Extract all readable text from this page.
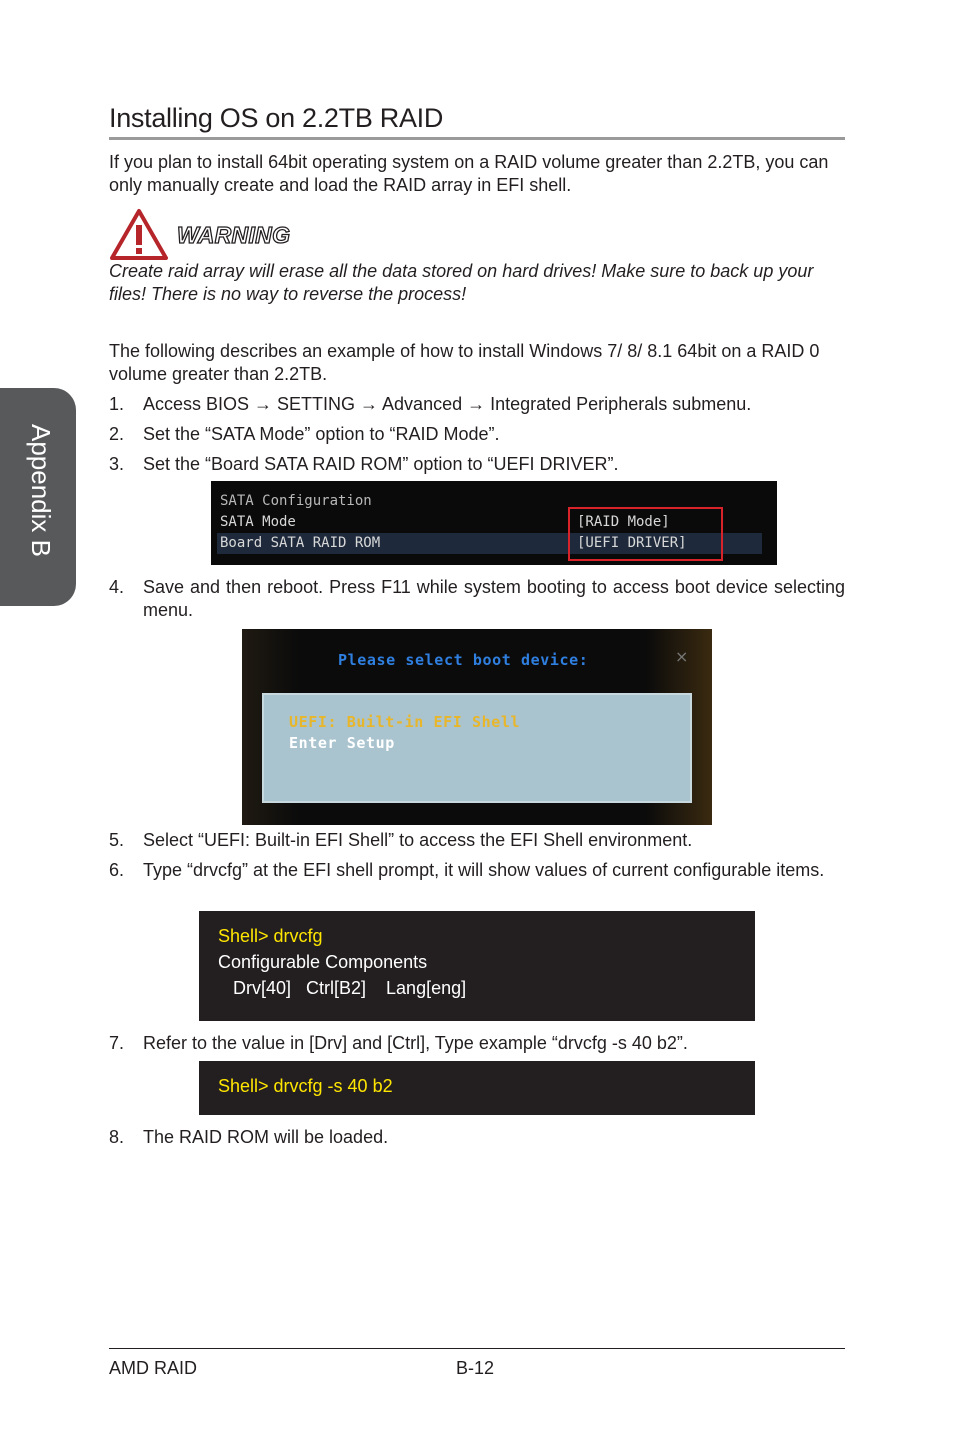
Appendix B
Installing OS on 2.2TB RAID
If you plan to install 64bit operating system on a RAID volume greater than 2.2TB, you can only manually create and load the RAID array in EFI shell.
WARNING
Create raid array will erase all the data stored on hard drives! Make sure to back up your files! There is no way to reverse the process!
The following describes an example of how to install Windows 7/ 8/ 8.1 64bit on a RAID 0 volume greater than 2.2TB.
1. Access BIOS → SETTING → Advanced → Integrated Peripherals submenu.
2. Set the “SATA Mode” option to “RAID Mode”.
3. Set the “Board SATA RAID ROM” option to “UEFI DRIVER”.
SATA Configuration
SATA Mode	[RAID Mode]
Board SATA RAID ROM	[UEFI DRIVER]
4. Save and then reboot. Press F11 while system booting to access boot device selecting menu.
Please select boot device:	×
UEFI: Built-in EFI Shell
Enter Setup
5. Select “UEFI: Built-in EFI Shell” to access the EFI Shell environment.
6. Type “drvcfg” at the EFI shell prompt, it will show values of current configurable items.
Shell> drvcfg
Configurable Components
Drv[40]   Ctrl[B2]    Lang[eng]
7. Refer to the value in [Drv] and [Ctrl], Type example “drvcfg -s 40 b2”.
Shell> drvcfg -s 40 b2
8. The RAID ROM will be loaded.
AMD RAID	B-12
